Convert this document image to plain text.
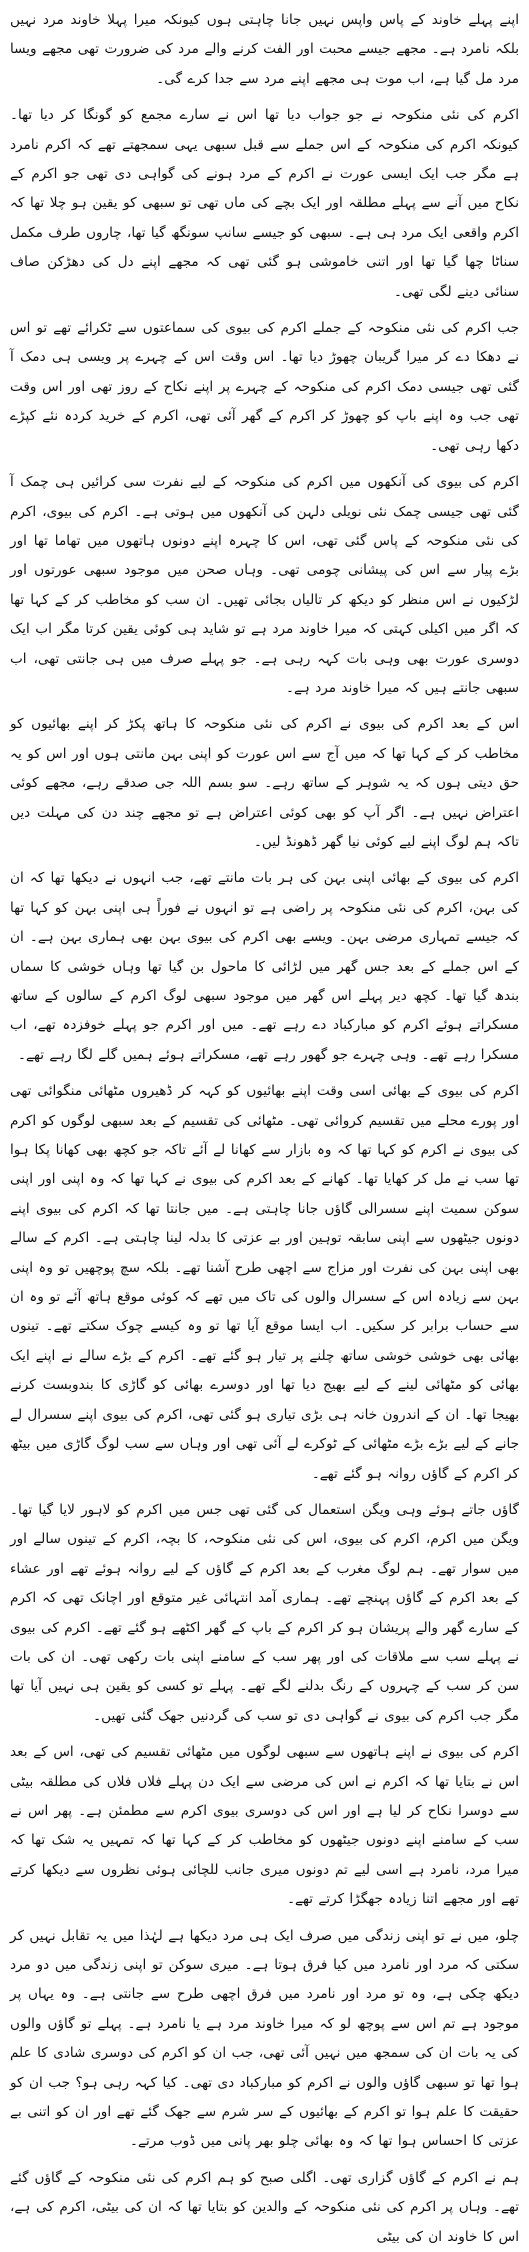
اپنے پہلے خاوند کے پاس واپس نہیں جانا چاہتی ہوں کیونکہ میرا پہلا خاوند مرد نہیں بلکہ نامرد ہے۔ مجھے جیسے محبت اور الفت کرنے والے مرد کی ضرورت تھی مجھے ویسا مرد مل گیا ہے، اب موت ہی مجھے اپنے مرد سے جدا کرے گی۔

اکرم کی نئی منکوحہ نے جو جواب دیا تھا اس نے سارے مجمع کو گونگا کر دیا تھا۔ کیونکہ اکرم کی منکوحہ کے اس جملے سے قبل سبھی یہی سمجھتے تھے کہ اکرم نامرد ہے مگر جب ایک ایسی عورت نے اکرم کے مرد ہونے کی گواہی دی تھی جو اکرم کے نکاح میں آنے سے پہلے مطلقہ اور ایک بچے کی ماں تھی تو سبھی کو یقین ہو چلا تھا کہ اکرم واقعی ایک مرد ہی ہے۔ سبھی کو جیسے سانپ سونگھ گیا تھا، چاروں طرف مکمل سناٹا چھا گیا تھا اور اتنی خاموشی ہو گئی تھی کہ مجھے اپنے دل کی دھڑکن صاف سنائی دینے لگی تھی۔

جب اکرم کی نئی منکوحہ کے جملے اکرم کی بیوی کی سماعتوں سے ٹکرائے تھے تو اس نے دھکا دے کر میرا گریبان چھوڑ دیا تھا۔ اس وقت اس کے چہرے پر ویسی ہی دمک آ گئی تھی جیسی دمک اکرم کی منکوحہ کے چہرے پر اپنے نکاح کے روز تھی اور اس وقت تھی جب وہ اپنے باپ کو چھوڑ کر اکرم کے گھر آئی تھی، اکرم کے خرید کردہ نئے کپڑے دکھا رہی تھی۔

اکرم کی بیوی کی آنکھوں میں اکرم کی منکوحہ کے لیے نفرت سی کرائیں ہی چمک آ گئی تھی جیسی چمک نئی نویلی دلہن کی آنکھوں میں ہوتی ہے۔ اکرم کی بیوی، اکرم کی نئی منکوحہ کے پاس گئی تھی، اس کا چہرہ اپنے دونوں ہاتھوں میں تھاما تھا اور بڑے پیار سے اس کی پیشانی چومی تھی۔ وہاں صحن میں موجود سبھی عورتوں اور لڑکیوں نے اس منظر کو دیکھ کر تالیاں بجائی تھیں۔ ان سب کو مخاطب کر کے کہا تھا کہ اگر میں اکیلی کہتی کہ میرا خاوند مرد ہے تو شاید ہی کوئی یقین کرتا مگر اب ایک دوسری عورت بھی وہی بات کہہ رہی ہے۔ جو پہلے صرف میں ہی جانتی تھی، اب سبھی جانتے ہیں کہ میرا خاوند مرد ہے۔

اس کے بعد اکرم کی بیوی نے اکرم کی نئی منکوحہ کا ہاتھ پکڑ کر اپنے بھائیوں کو مخاطب کر کے کہا تھا کہ میں آج سے اس عورت کو اپنی بہن مانتی ہوں اور اس کو یہ حق دیتی ہوں کہ یہ شوہر کے ساتھ رہے۔ سو بسم اللہ جی صدقے رہے، مجھے کوئی اعتراض نہیں ہے۔ اگر آپ کو بھی کوئی اعتراض ہے تو مجھے چند دن کی مہلت دیں تاکہ ہم لوگ اپنے لیے کوئی نیا گھر ڈھونڈ لیں۔

اکرم کی بیوی کے بھائی اپنی بہن کی ہر بات مانتے تھے، جب انہوں نے دیکھا تھا کہ ان کی بہن، اکرم کی نئی منکوحہ پر راضی ہے تو انہوں نے فوراً ہی اپنی بہن کو کہا تھا کہ جیسے تمہاری مرضی بہن۔ ویسے بھی اکرم کی بیوی بہن بھی ہماری بہن ہے۔ ان کے اس جملے کے بعد جس گھر میں لڑائی کا ماحول بن گیا تھا وہاں خوشی کا سماں بندھ گیا تھا۔ کچھ دیر پہلے اس گھر میں موجود سبھی لوگ اکرم کے سالوں کے ساتھ مسکراتے ہوئے اکرم کو مبارکباد دے رہے تھے۔ میں اور اکرم جو پہلے خوفزدہ تھے، اب مسکرا رہے تھے۔ وہی چہرے جو گھور رہے تھے، مسکراتے ہوئے ہمیں گلے لگا رہے تھے۔

اکرم کی بیوی کے بھائی اسی وقت اپنے بھائیوں کو کہہ کر ڈھیروں مٹھائی منگوائی تھی اور پورے محلے میں تقسیم کروائی تھی۔ مٹھائی کی تقسیم کے بعد سبھی لوگوں کو اکرم کی بیوی نے اکرم کو کہا تھا کہ وہ بازار سے کھانا لے آئے تاکہ جو کچھ بھی کھانا پکا ہوا تھا سب نے مل کر کھایا تھا۔ کھانے کے بعد اکرم کی بیوی نے کہا تھا کہ وہ اپنی اور اپنی سوکن سمیت اپنے سسرالی گاؤں جانا چاہتی ہے۔ میں جانتا تھا کہ اکرم کی بیوی اپنے دونوں جیٹھوں سے اپنی سابقہ توہین اور بے عزتی کا بدلہ لینا چاہتی ہے۔ اکرم کے سالے بھی اپنی بہن کی نفرت اور مزاج سے اچھی طرح آشنا تھے۔ بلکہ سچ پوچھیں تو وہ اپنی بہن سے زیادہ اس کے سسرال والوں کی تاک میں تھے کہ کوئی موقع ہاتھ آئے تو وہ ان سے حساب برابر کر سکیں۔ اب ایسا موقع آیا تھا تو وہ کیسے چوک سکتے تھے۔ تینوں بھائی بھی خوشی خوشی ساتھ چلنے پر تیار ہو گئے تھے۔ اکرم کے بڑے سالے نے اپنے ایک بھائی کو مٹھائی لینے کے لیے بھیج دیا تھا اور دوسرے بھائی کو گاڑی کا بندوبست کرنے بھیجا تھا۔ ان کے اندرون خانہ ہی بڑی تیاری ہو گئی تھی، اکرم کی بیوی اپنے سسرال لے جانے کے لیے بڑے بڑے مٹھائی کے ٹوکرے لے آئی تھی اور وہاں سے سب لوگ گاڑی میں بیٹھ کر اکرم کے گاؤں روانہ ہو گئے تھے۔

گاؤں جاتے ہوئے وہی ویگن استعمال کی گئی تھی جس میں اکرم کو لاہور لایا گیا تھا۔ ویگن میں اکرم، اکرم کی بیوی، اس کی نئی منکوحہ، کا بچہ، اکرم کے تینوں سالے اور میں سوار تھے۔ ہم لوگ مغرب کے بعد اکرم کے گاؤں کے لیے روانہ ہوئے تھے اور عشاء کے بعد اکرم کے گاؤں پہنچے تھے۔ ہماری آمد انتہائی غیر متوقع اور اچانک تھی کہ اکرم کے سارے گھر والے پریشان ہو کر اکرم کے باپ کے گھر اکٹھے ہو گئے تھے۔ اکرم کی بیوی نے پہلے سب سے ملاقات کی اور پھر سب کے سامنے اپنی بات رکھی تھی۔ ان کی بات سن کر سب کے چہروں کے رنگ بدلنے لگے تھے۔ پہلے تو کسی کو یقین ہی نہیں آیا تھا مگر جب اکرم کی بیوی نے گواہی دی تو سب کی گردنیں جھک گئی تھیں۔

اکرم کی بیوی نے اپنے ہاتھوں سے سبھی لوگوں میں مٹھائی تقسیم کی تھی، اس کے بعد اس نے بتایا تھا کہ اکرم نے اس کی مرضی سے ایک دن پہلے فلاں فلاں کی مطلقہ بیٹی سے دوسرا نکاح کر لیا ہے اور اس کی دوسری بیوی اکرم سے مطمئن ہے۔ پھر اس نے سب کے سامنے اپنے دونوں جیٹھوں کو مخاطب کر کے کہا تھا کہ تمہیں یہ شک تھا کہ میرا مرد، نامرد ہے اسی لیے تم دونوں میری جانب للچائی ہوئی نظروں سے دیکھا کرتے تھے اور مجھے اتنا زیادہ جھگڑا کرتے تھے۔

چلو، میں نے تو اپنی زندگی میں صرف ایک ہی مرد دیکھا ہے لہٰذا میں یہ تقابل نہیں کر سکتی کہ مرد اور نامرد میں کیا فرق ہوتا ہے۔ میری سوکن تو اپنی زندگی میں دو مرد دیکھ چکی ہے، وہ تو مرد اور نامرد میں فرق اچھی طرح سے جانتی ہے۔ وہ یہاں پر موجود ہے تم اس سے پوچھ لو کہ میرا خاوند مرد ہے یا نامرد ہے۔ پہلے تو گاؤں والوں کی یہ بات ان کی سمجھ میں نہیں آئی تھی، جب ان کو اکرم کی دوسری شادی کا علم ہوا تھا تو سبھی گاؤں والوں نے اکرم کو مبارکباد دی تھی۔ کیا کہہ رہی ہو؟ جب ان کو حقیقت کا علم ہوا تو اکرم کے بھائیوں کے سر شرم سے جھک گئے تھے اور ان کو اتنی بے عزتی کا احساس ہوا تھا کہ وہ بھائی چلو بھر پانی میں ڈوب مرتے۔

ہم نے اکرم کے گاؤں گزاری تھی۔ اگلی صبح کو ہم اکرم کی نئی منکوحہ کے گاؤں گئے تھے۔ وہاں پر اکرم کی نئی منکوحہ کے والدین کو بتایا تھا کہ ان کی بیٹی، اکرم کی ہے، اس کا خاوند ان کی بیٹی
